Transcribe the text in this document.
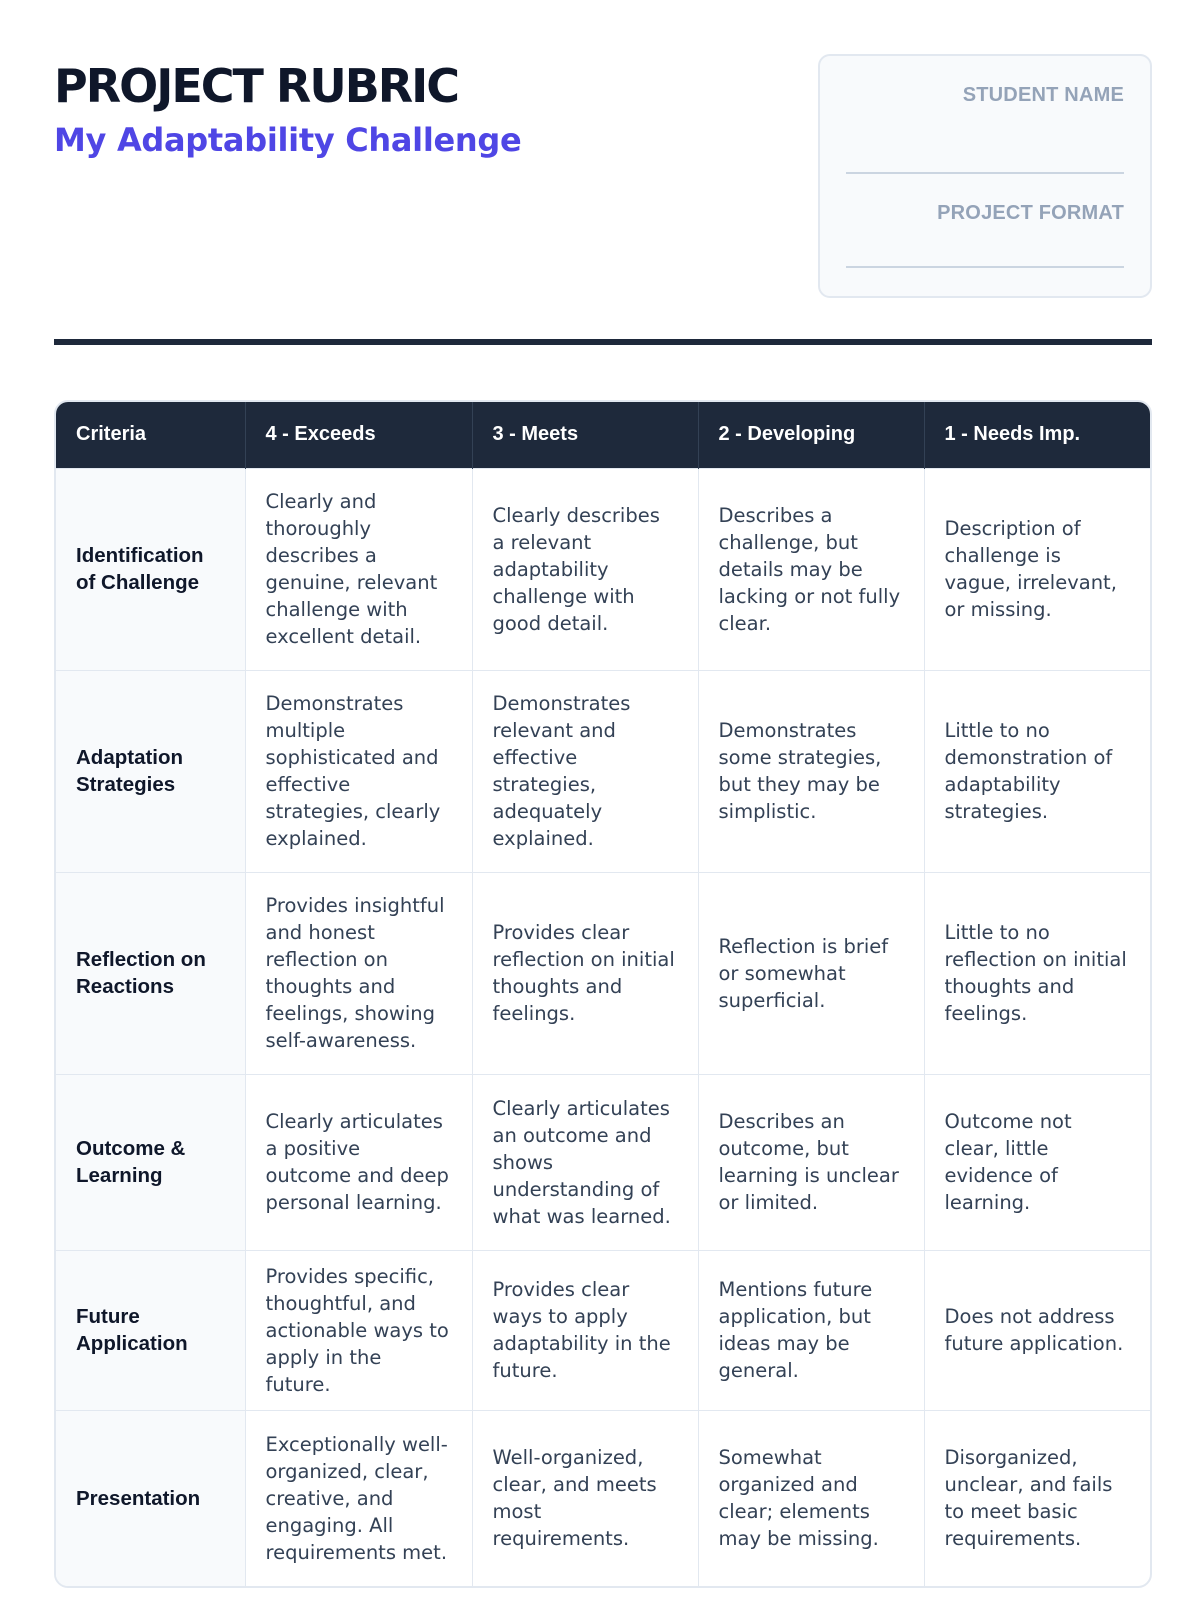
PROJECT RUBRIC
My Adaptability Challenge
STUDENT NAME
PROJECT FORMAT
Criteria	4 - Exceeds	3 - Meets	2 - Developing	1 - Needs Imp.
Identification of Challenge	Clearly and thoroughly describes a genuine, relevant challenge with excellent detail.	Clearly describes a relevant adaptability challenge with good detail.	Describes a challenge, but details may be lacking or not fully clear.	Description of challenge is vague, irrelevant, or missing.
Adaptation Strategies	Demonstrates multiple sophisticated and effective strategies, clearly explained.	Demonstrates relevant and effective strategies, adequately explained.	Demonstrates some strategies, but they may be simplistic.	Little to no demonstration of adaptability strategies.
Reflection on Reactions	Provides insightful and honest reflection on thoughts and feelings, showing self-awareness.	Provides clear reflection on initial thoughts and feelings.	Reflection is brief or somewhat superficial.	Little to no reflection on initial thoughts and feelings.
Outcome & Learning	Clearly articulates a positive outcome and deep personal learning.	Clearly articulates an outcome and shows understanding of what was learned.	Describes an outcome, but learning is unclear or limited.	Outcome not clear, little evidence of learning.
Future Application	Provides specific, thoughtful, and actionable ways to apply in the future.	Provides clear ways to apply adaptability in the future.	Mentions future application, but ideas may be general.	Does not address future application.
Presentation	Exceptionally well-organized, clear, creative, and engaging. All requirements met.	Well-organized, clear, and meets most requirements.	Somewhat organized and clear; elements may be missing.	Disorganized, unclear, and fails to meet basic requirements.
